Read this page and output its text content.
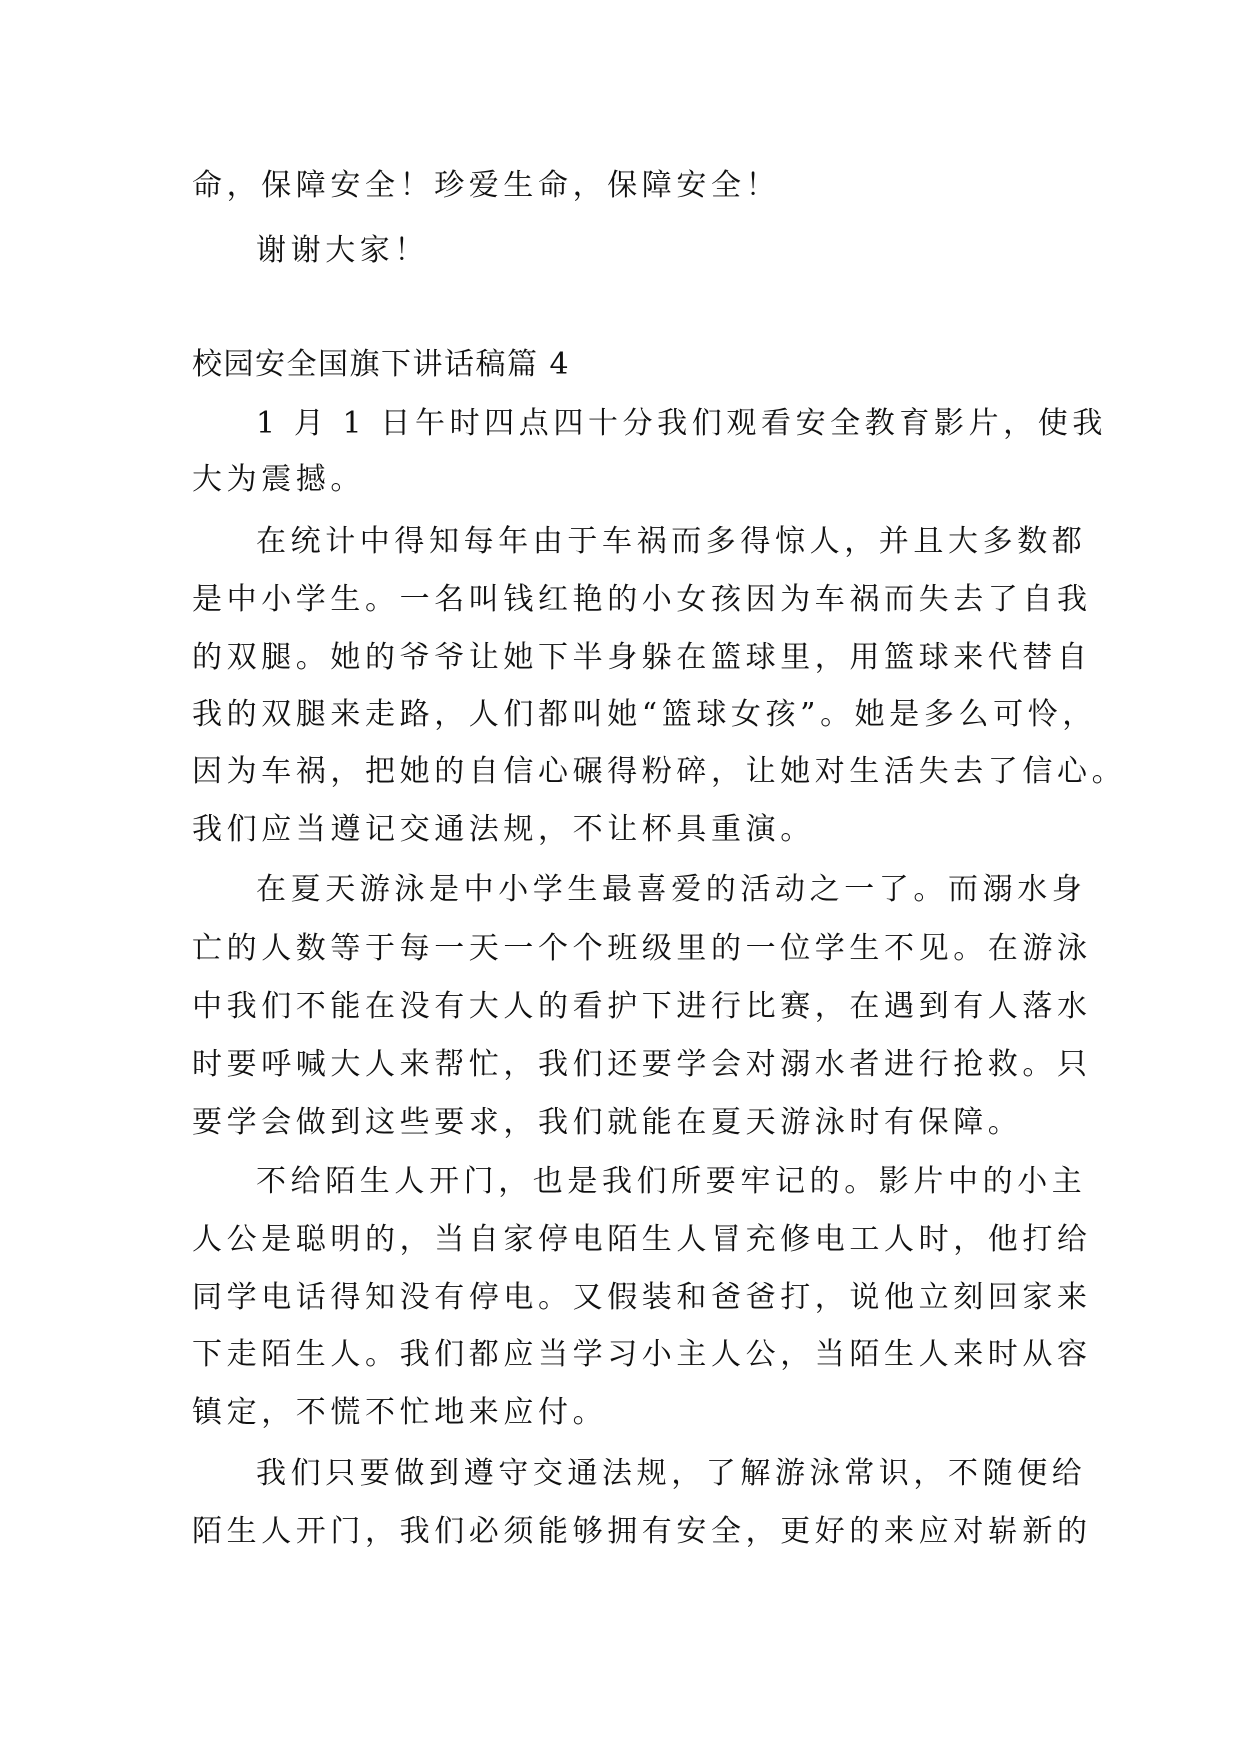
命，保障安全！珍爱生命，保障安全！
谢谢大家！
校园安全国旗下讲话稿篇 4
1 月 1 日午时四点四十分我们观看安全教育影片，使我
大为震撼。
在统计中得知每年由于车祸而多得惊人，并且大多数都
是中小学生。一名叫钱红艳的小女孩因为车祸而失去了自我
的双腿。她的爷爷让她下半身躲在篮球里，用篮球来代替自
我的双腿来走路，人们都叫她“篮球女孩”。她是多么可怜，
因为车祸，把她的自信心碾得粉碎，让她对生活失去了信心。
我们应当遵记交通法规，不让杯具重演。
在夏天游泳是中小学生最喜爱的活动之一了。而溺水身
亡的人数等于每一天一个个班级里的一位学生不见。在游泳
中我们不能在没有大人的看护下进行比赛，在遇到有人落水
时要呼喊大人来帮忙，我们还要学会对溺水者进行抢救。只
要学会做到这些要求，我们就能在夏天游泳时有保障。
不给陌生人开门，也是我们所要牢记的。影片中的小主
人公是聪明的，当自家停电陌生人冒充修电工人时，他打给
同学电话得知没有停电。又假装和爸爸打，说他立刻回家来
下走陌生人。我们都应当学习小主人公，当陌生人来时从容
镇定，不慌不忙地来应付。
我们只要做到遵守交通法规，了解游泳常识，不随便给
陌生人开门，我们必须能够拥有安全，更好的来应对崭新的
